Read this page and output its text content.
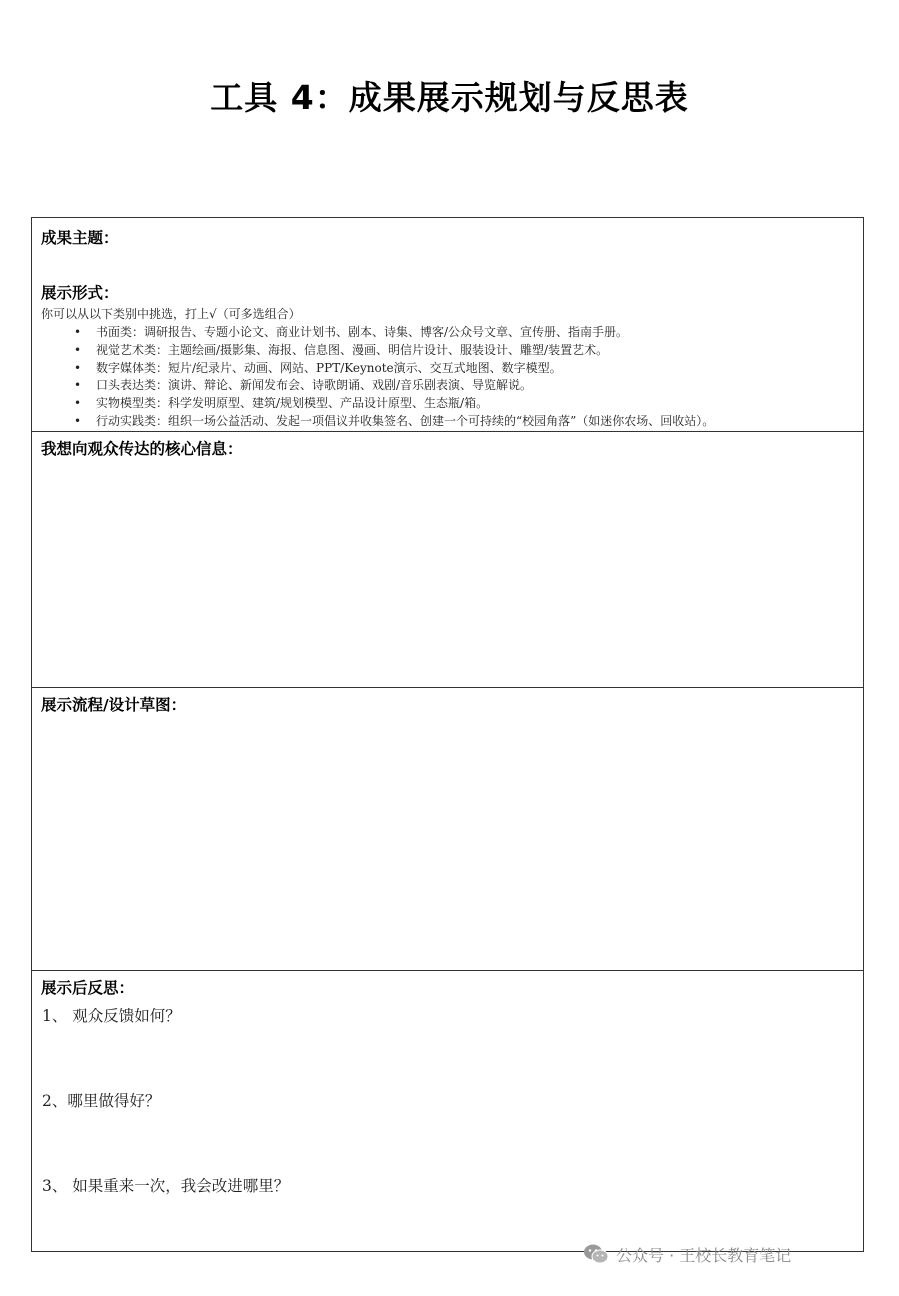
工具 4：成果展示规划与反思表
成果主题：
展示形式：
你可以从以下类别中挑选，打上√（可多选组合）
• 书面类：调研报告、专题小论文、商业计划书、剧本、诗集、博客/公众号文章、宣传册、指南手册。
• 视觉艺术类：主题绘画/摄影集、海报、信息图、漫画、明信片设计、服装设计、雕塑/装置艺术。
• 数字媒体类：短片/纪录片、动画、网站、PPT/Keynote演示、交互式地图、数字模型。
• 口头表达类：演讲、辩论、新闻发布会、诗歌朗诵、戏剧/音乐剧表演、导览解说。
• 实物模型类：科学发明原型、建筑/规划模型、产品设计原型、生态瓶/箱。
• 行动实践类：组织一场公益活动、发起一项倡议并收集签名、创建一个可持续的“校园角落”（如迷你农场、回收站）。
我想向观众传达的核心信息：
展示流程/设计草图：
展示后反思：
1、 观众反馈如何？
2、哪里做得好？
3、 如果重来一次，我会改进哪里？
公众号 · 王校长教育笔记
